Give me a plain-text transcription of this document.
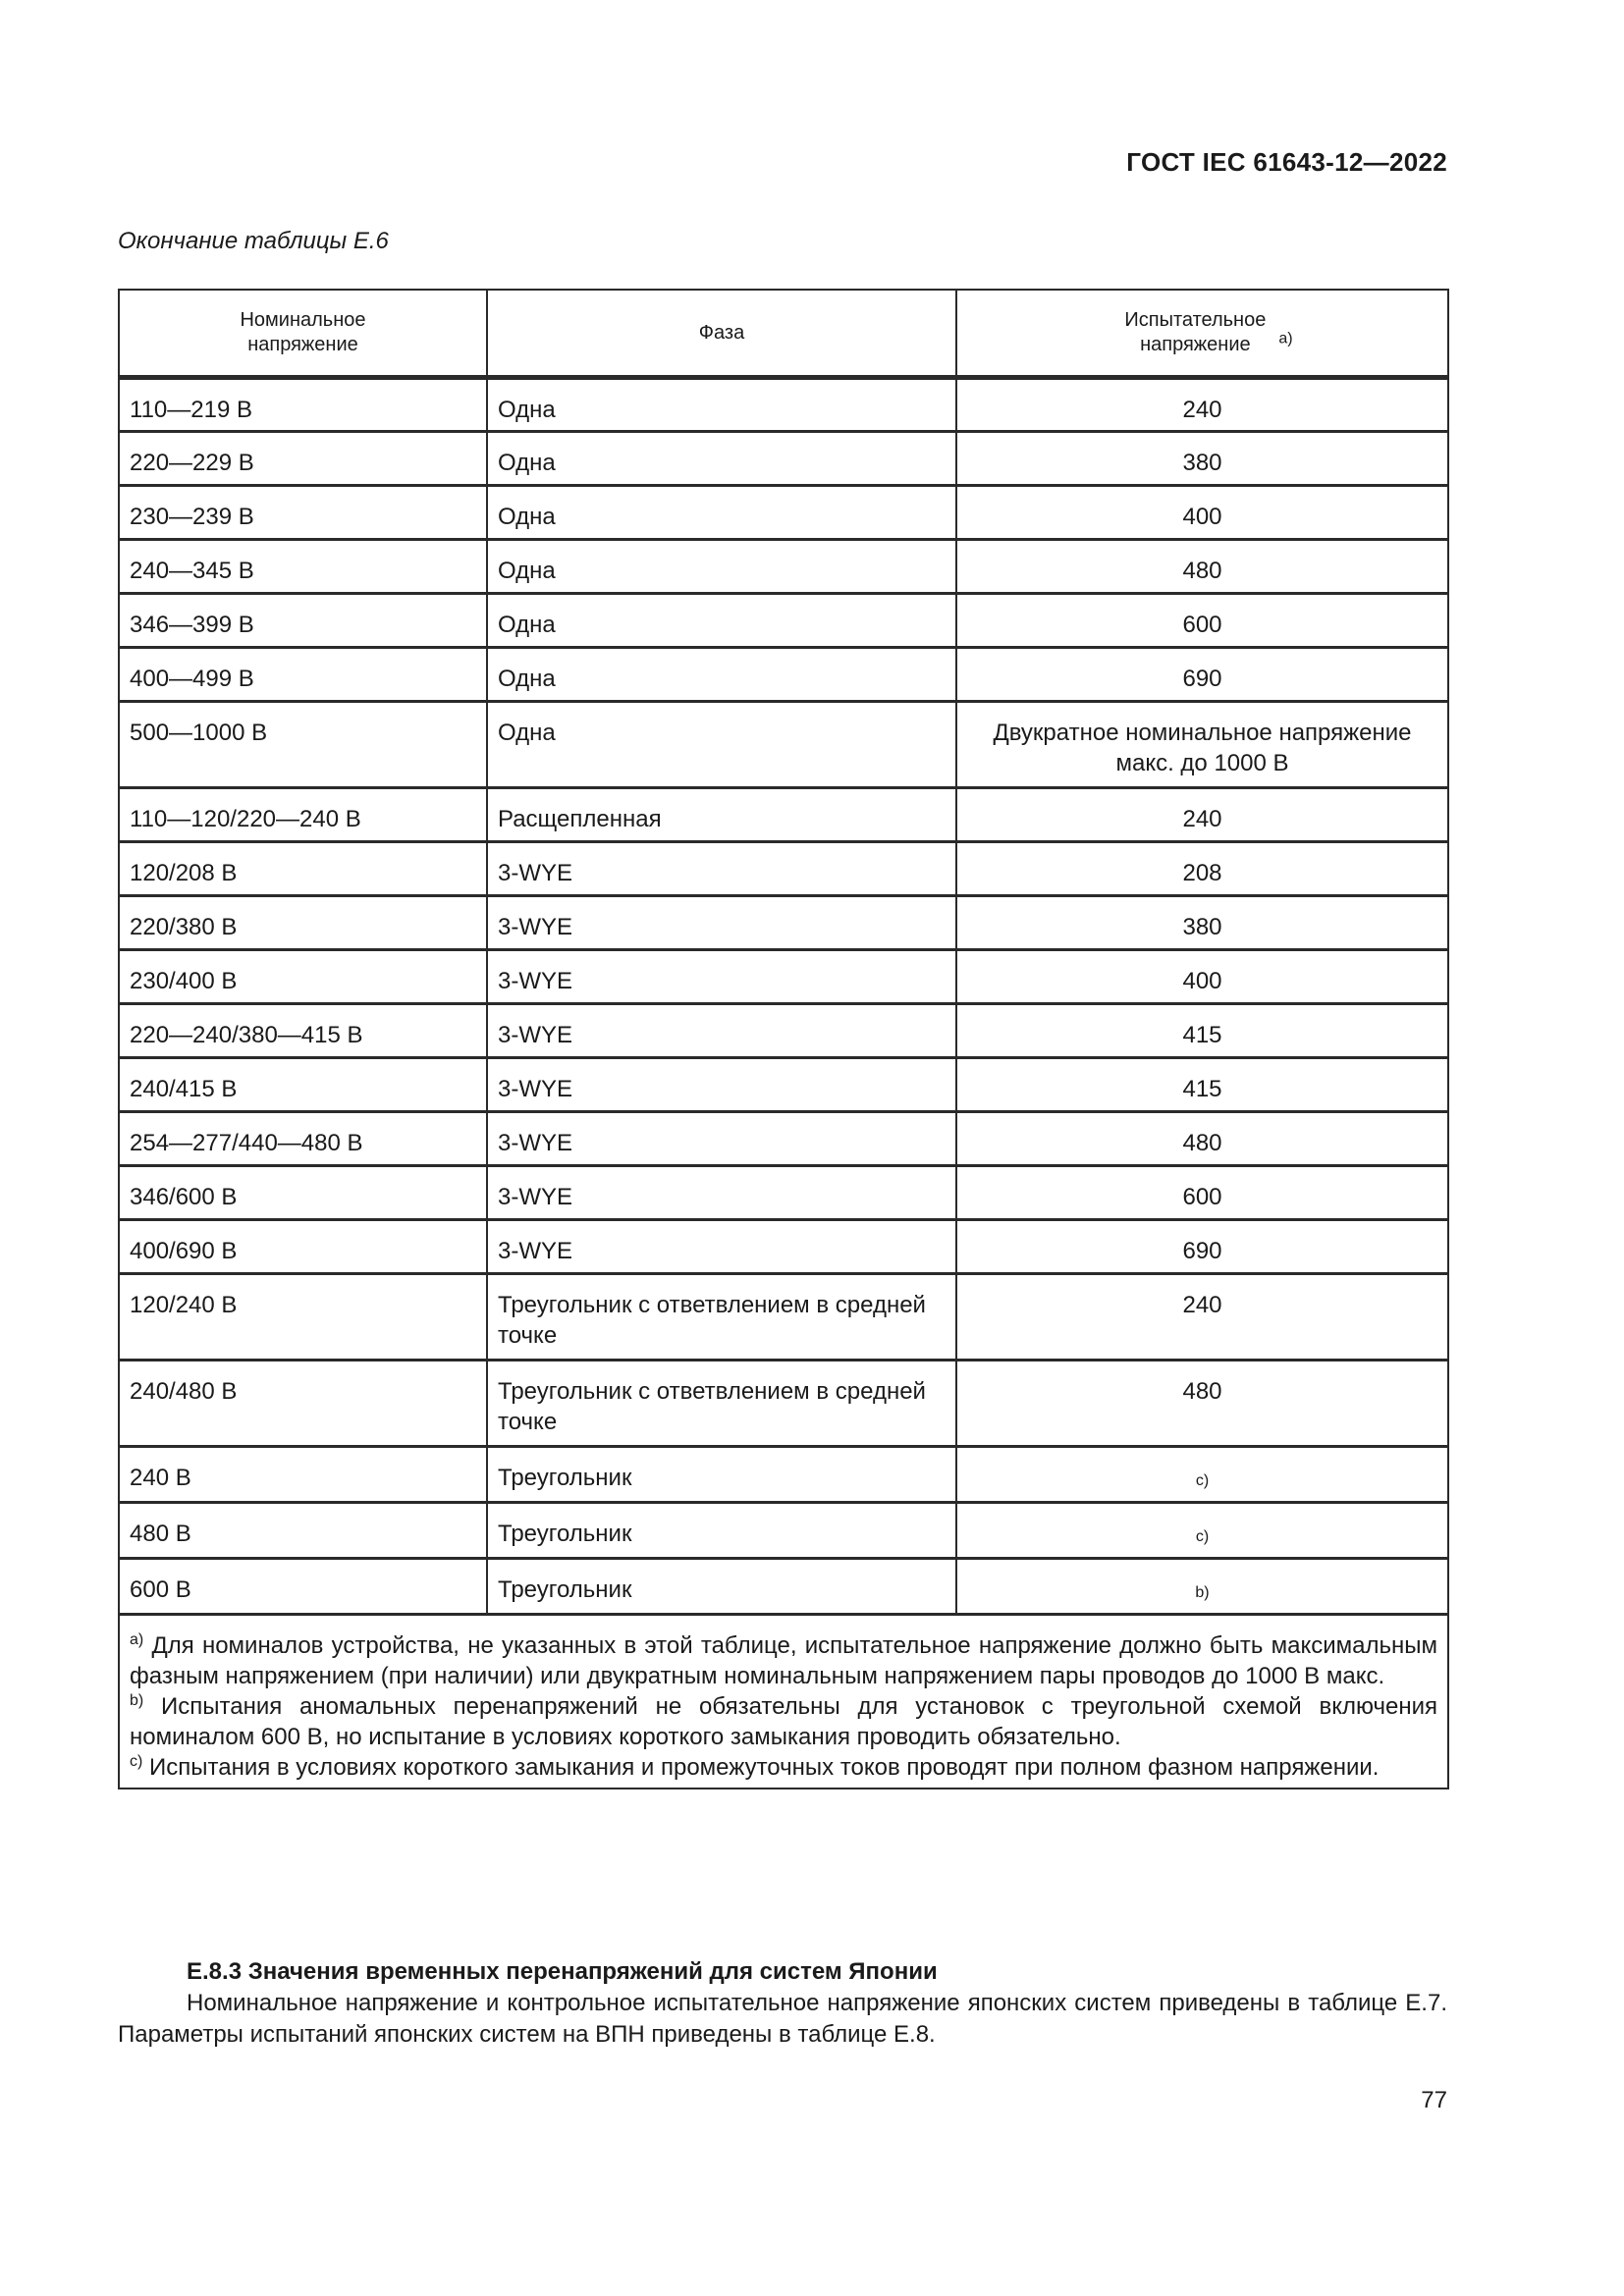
ГОСТ IEC 61643-12—2022
Окончание таблицы Е.6
Номинальное напряжение	Фаза	Испытательное напряжение $^{a)}$
110—219 В	Одна	240
220—229 В	Одна	380
230—239 В	Одна	400
240—345 В	Одна	480
346—399 В	Одна	600
400—499 В	Одна	690
500—1000 В	Одна	Двукратное номинальное напряжение макс. до 1000 В
110—120/220—240 В	Расщепленная	240
120/208 В	3-WYE	208
220/380 В	3-WYE	380
230/400 В	3-WYE	400
220—240/380—415 В	3-WYE	415
240/415 В	3-WYE	415
254—277/440—480 В	3-WYE	480
346/600 В	3-WYE	600
400/690 В	3-WYE	690
120/240 В	Треугольник с ответвлением в средней точке	240
240/480 В	Треугольник с ответвлением в средней точке	480
240 В	Треугольник	c)
480 В	Треугольник	c)
600 В	Треугольник	b)

$^{a)}$ Для номиналов устройства, не указанных в этой таблице, испытательное напряжение должно быть максимальным фазным напряжением (при наличии) или двукратным номинальным напряжением пары проводов до 1000 В макс.

$^{b)}$ Испытания аномальных перенапряжений не обязательны для установок с треугольной схемой включения номиналом 600 В, но испытание в условиях короткого замыкания проводить обязательно.

$^{c)}$ Испытания в условиях короткого замыкания и промежуточных токов проводят при полном фазном напряжении.		

Е.8.3 Значения временных перенапряжений для систем Японии

Номинальное напряжение и контрольное испытательное напряжение японских систем приведены в таблице Е.7. Параметры испытаний японских систем на ВПН приведены в таблице Е.8.

77
